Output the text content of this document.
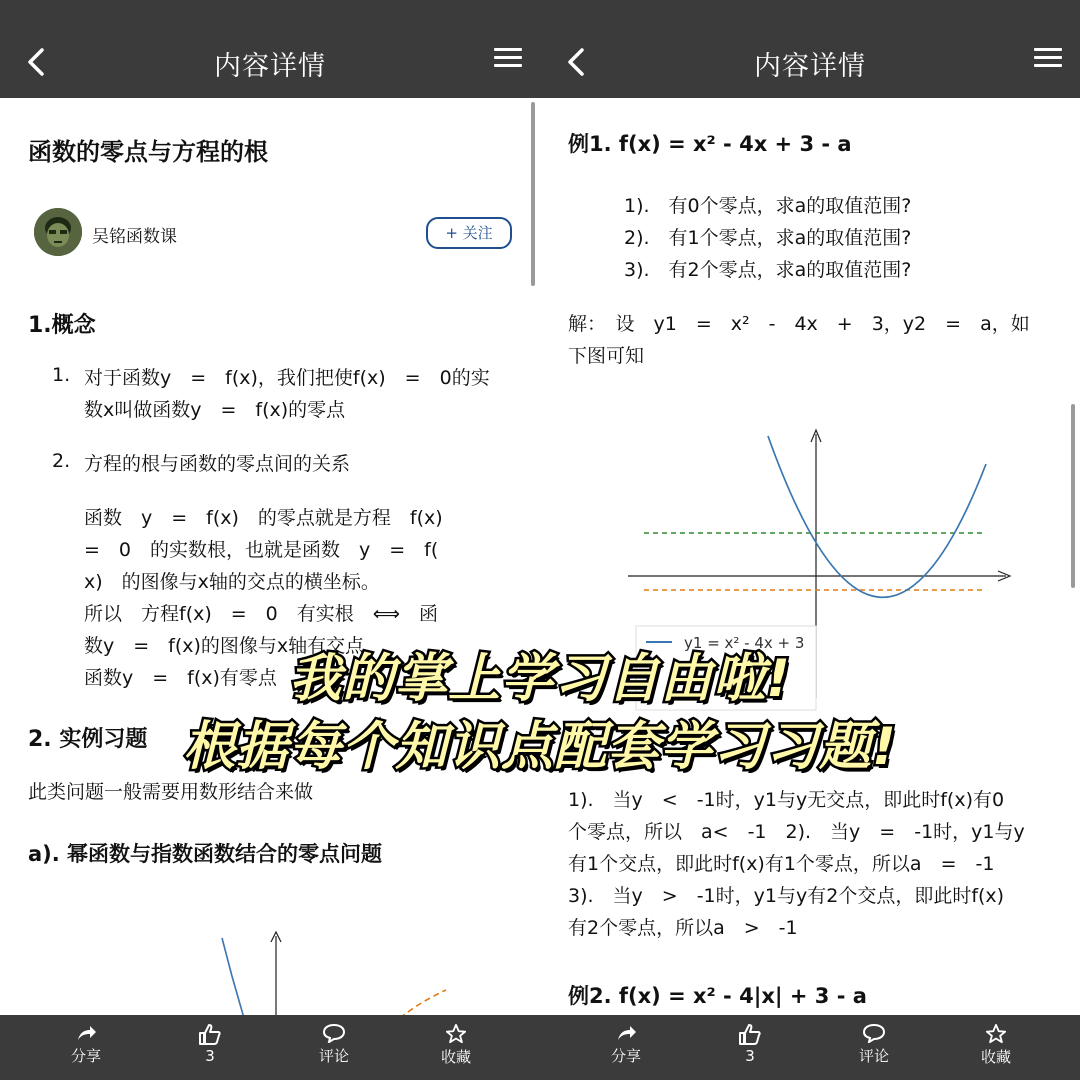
内容详情
函数的零点与方程的根
吴铭函数课	+ 关注
1.概念
1. 对于函数y　=　f(x)，我们把使f(x)　=　0的实
数x叫做函数y　=　f(x)的零点
2. 方程的根与函数的零点间的关系
函数　y　=　f(x)　的零点就是方程　f(x)
=　0　的实数根，也就是函数　y　=　f(
x)　的图像与x轴的交点的横坐标。
所以　方程f(x)　=　0　有实根　⟺　函
数y　=　f(x)的图像与x轴有交点
函数y　=　f(x)有零点
2. 实例习题
此类问题一般需要用数形结合来做
a). 幂函数与指数函数结合的零点问题
分享	3	评论	收藏
内容详情
例1. f(x) = x² - 4x + 3 - a
1).　有0个零点，求a的取值范围?
2).　有1个零点，求a的取值范围?
3).　有2个零点，求a的取值范围?
解：　设　y1　=　x²　-　4x　+　3，y2　=　a，如
下图可知
y1 = x² - 4x + 3
1).　当y　<　-1时，y1与y无交点，即此时f(x)有0
个零点，所以　a<　-1　2).　当y　=　-1时，y1与y
有1个交点，即此时f(x)有1个零点，所以a　=　-1
3).　当y　>　-1时，y1与y有2个交点，即此时f(x)
有2个零点，所以a　>　-1
例2. f(x) = x² - 4|x| + 3 - a
分享	3	评论	收藏
我的掌上学习自由啦!
根据每个知识点配套学习习题!
